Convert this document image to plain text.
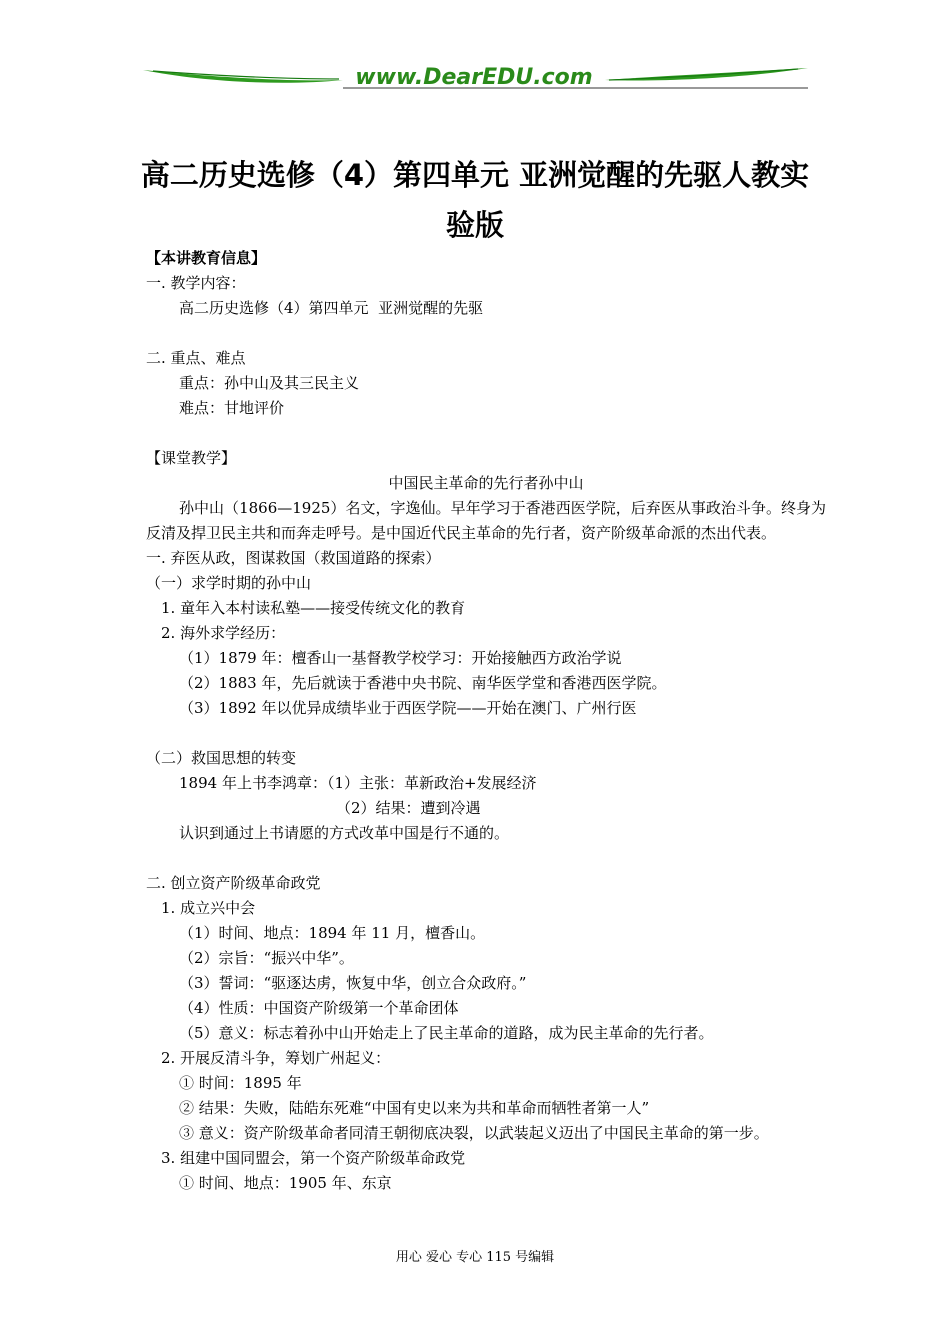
www.DearEDU.com
高二历史选修（4）第四单元 亚洲觉醒的先驱人教实
验版
【本讲教育信息】
一. 教学内容：
高二历史选修（4）第四单元  亚洲觉醒的先驱
二. 重点、难点
重点：孙中山及其三民主义
难点：甘地评价
【课堂教学】
中国民主革命的先行者孙中山
孙中山（1866—1925）名文，字逸仙。早年学习于香港西医学院，后弃医从事政治斗争。终身为反清及捍卫民主共和而奔走呼号。是中国近代民主革命的先行者，资产阶级革命派的杰出代表。
一. 弃医从政，图谋救国（救国道路的探索）
（一）求学时期的孙中山
1. 童年入本村读私塾——接受传统文化的教育
2. 海外求学经历：
（1）1879 年：檀香山一基督教学校学习：开始接触西方政治学说
（2）1883 年，先后就读于香港中央书院、南华医学堂和香港西医学院。
（3）1892 年以优异成绩毕业于西医学院——开始在澳门、广州行医
（二）救国思想的转变
1894 年上书李鸿章：（1）主张：革新政治+发展经济
（2）结果：遭到冷遇
认识到通过上书请愿的方式改革中国是行不通的。
二. 创立资产阶级革命政党
1. 成立兴中会
（1）时间、地点：1894 年 11 月，檀香山。
（2）宗旨：“振兴中华”。
（3）誓词：“驱逐达虏，恢复中华，创立合众政府。”
（4）性质：中国资产阶级第一个革命团体
（5）意义：标志着孙中山开始走上了民主革命的道路，成为民主革命的先行者。
2. 开展反清斗争，筹划广州起义：
① 时间：1895 年
② 结果：失败，陆皓东死难“中国有史以来为共和革命而牺牲者第一人”
③ 意义：资产阶级革命者同清王朝彻底决裂，以武装起义迈出了中国民主革命的第一步。
3. 组建中国同盟会，第一个资产阶级革命政党
① 时间、地点：1905 年、东京
用心 爱心 专心 115 号编辑
